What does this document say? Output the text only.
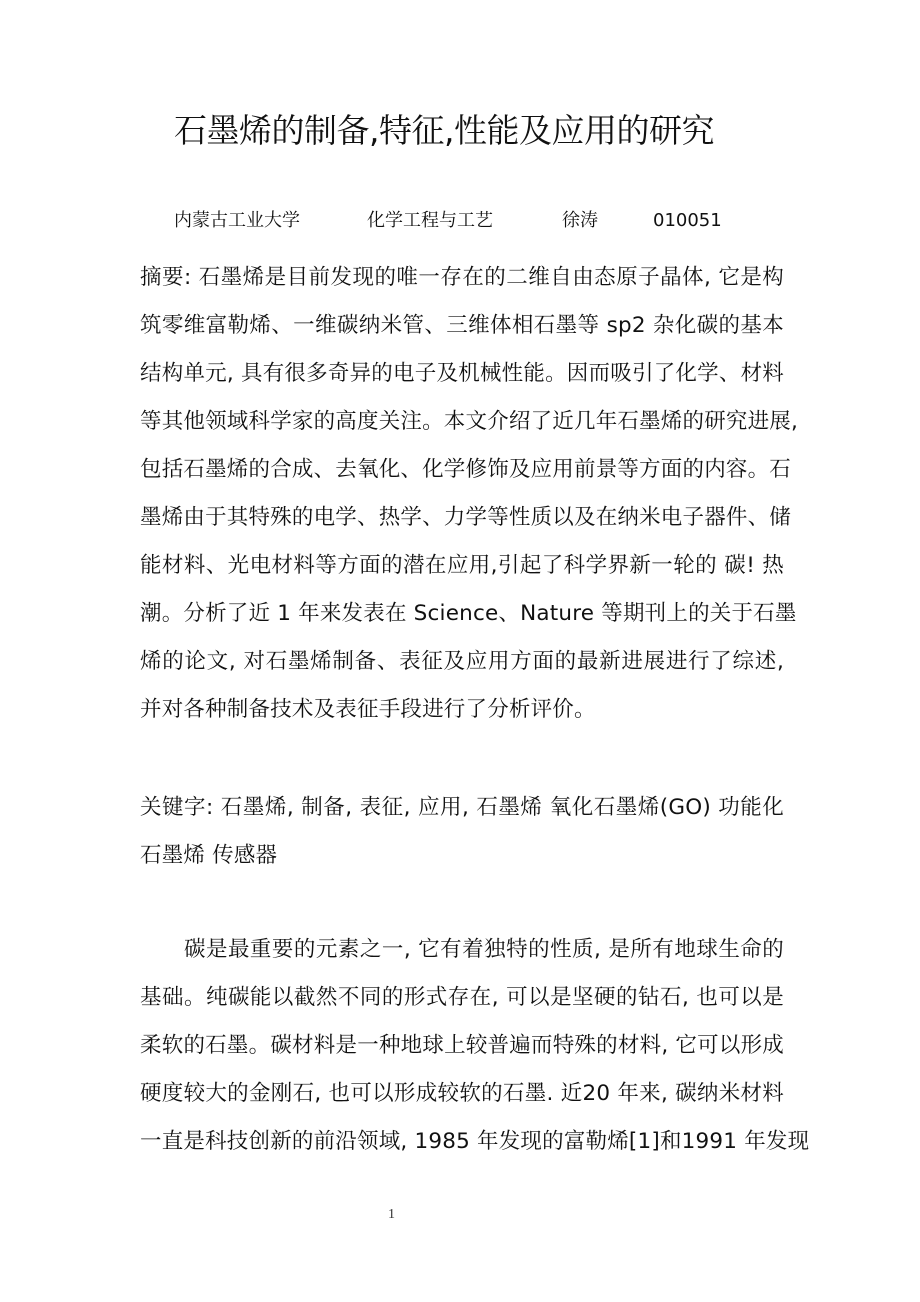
石墨烯的制备,特征,性能及应用的研究
内蒙古工业大学	化学工程与工艺	徐涛	010051
摘要: 石墨烯是目前发现的唯一存在的二维自由态原子晶体, 它是构
筑零维富勒烯、一维碳纳米管、三维体相石墨等 sp2 杂化碳的基本
结构单元, 具有很多奇异的电子及机械性能。因而吸引了化学、材料
等其他领域科学家的高度关注。本文介绍了近几年石墨烯的研究进展,
包括石墨烯的合成、去氧化、化学修饰及应用前景等方面的内容。石
墨烯由于其特殊的电学、热学、力学等性质以及在纳米电子器件、储
能材料、光电材料等方面的潜在应用,引起了科学界新一轮的 碳! 热
潮。分析了近 1 年来发表在 Science、Nature 等期刊上的关于石墨
烯的论文, 对石墨烯制备、表征及应用方面的最新进展进行了综述,
并对各种制备技术及表征手段进行了分析评价。
关键字: 石墨烯, 制备, 表征, 应用, 石墨烯 氧化石墨烯(GO) 功能化
石墨烯 传感器
　　碳是最重要的元素之一, 它有着独特的性质, 是所有地球生命的
基础。纯碳能以截然不同的形式存在, 可以是坚硬的钻石, 也可以是
柔软的石墨。碳材料是一种地球上较普遍而特殊的材料, 它可以形成
硬度较大的金刚石, 也可以形成较软的石墨. 近20 年来, 碳纳米材料
一直是科技创新的前沿领域, 1985 年发现的富勒烯[1]和1991 年发现
1
